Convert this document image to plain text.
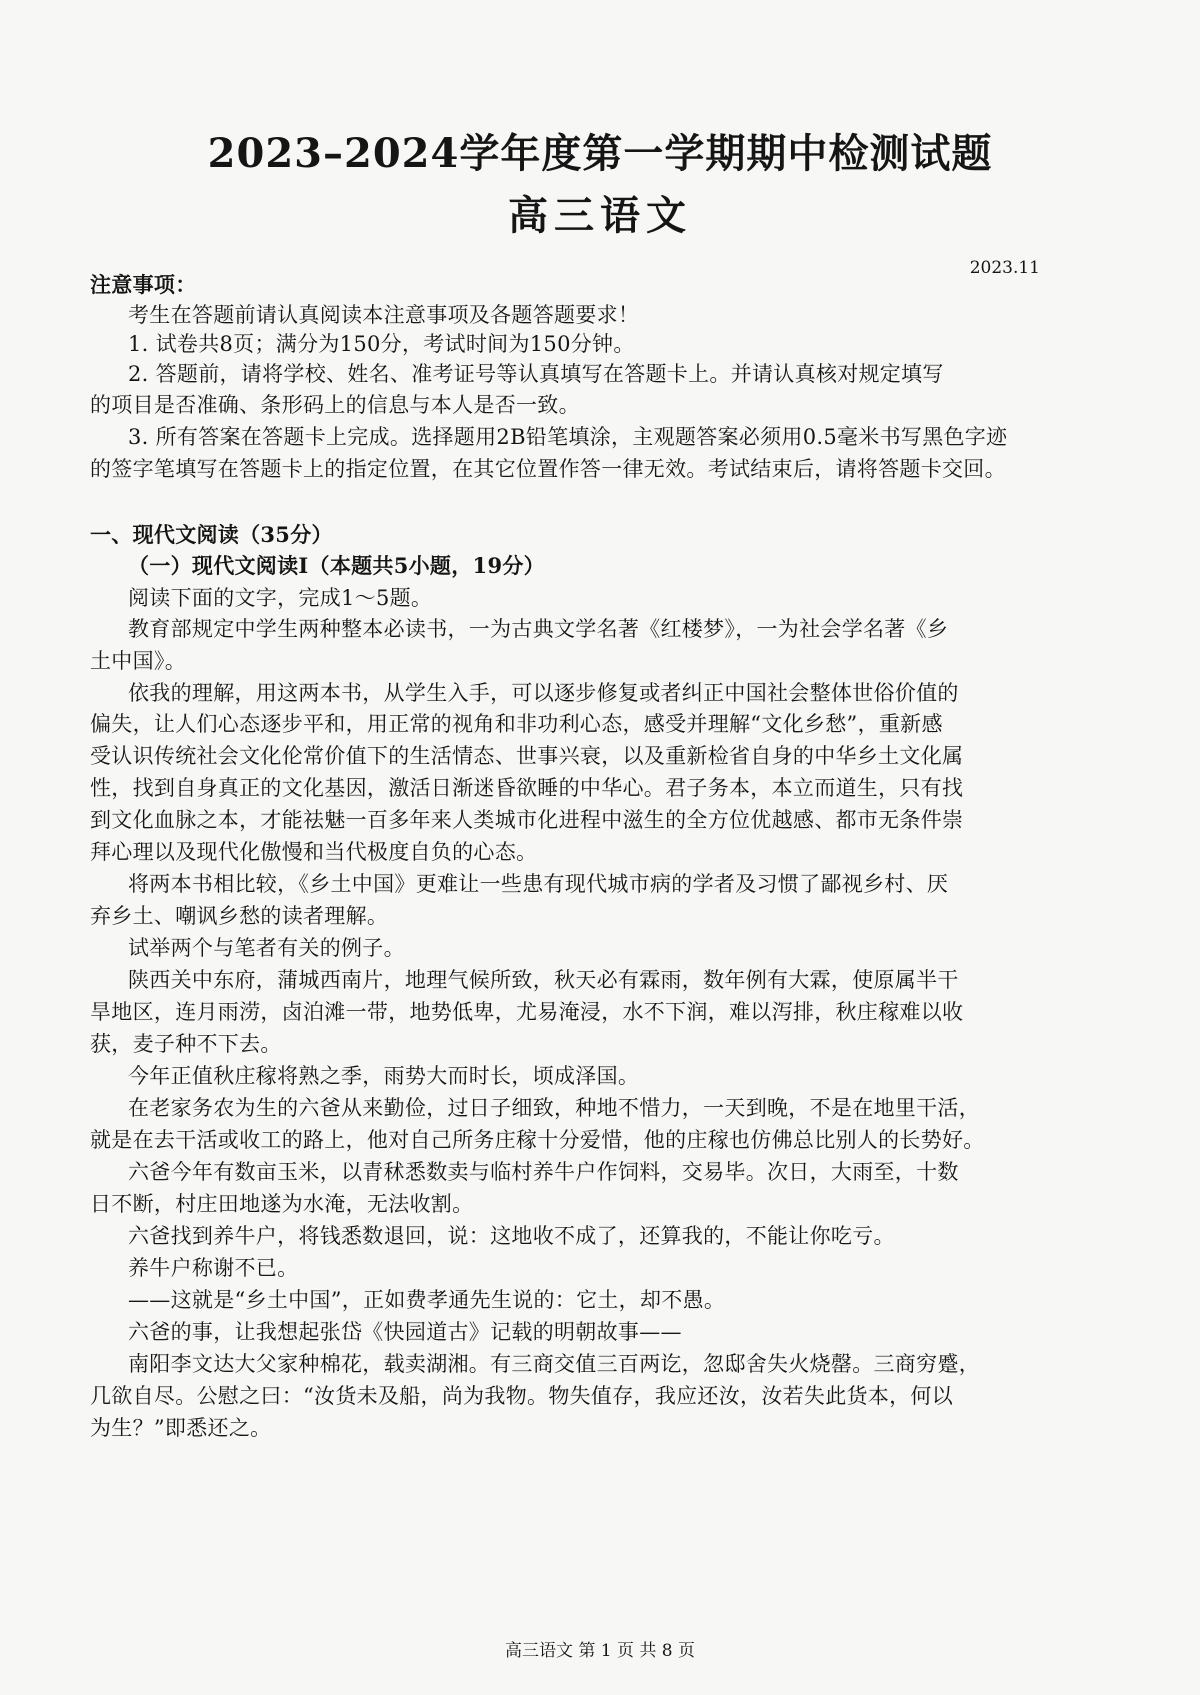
2023–2024学年度第一学期期中检测试题
高三语文
2023.11
注意事项：
考生在答题前请认真阅读本注意事项及各题答题要求！
1. 试卷共8页；满分为150分，考试时间为150分钟。
2. 答题前，请将学校、姓名、准考证号等认真填写在答题卡上。并请认真核对规定填写
的项目是否准确、条形码上的信息与本人是否一致。
3. 所有答案在答题卡上完成。选择题用2B铅笔填涂，主观题答案必须用0.5毫米书写黑色字迹
的签字笔填写在答题卡上的指定位置，在其它位置作答一律无效。考试结束后，请将答题卡交回。
一、现代文阅读（35分）
（一）现代文阅读Ⅰ（本题共5小题，19分）
阅读下面的文字，完成1～5题。
教育部规定中学生两种整本必读书，一为古典文学名著《红楼梦》，一为社会学名著《乡
土中国》。
依我的理解，用这两本书，从学生入手，可以逐步修复或者纠正中国社会整体世俗价值的
偏失，让人们心态逐步平和，用正常的视角和非功利心态，感受并理解“文化乡愁”，重新感
受认识传统社会文化伦常价值下的生活情态、世事兴衰，以及重新检省自身的中华乡土文化属
性，找到自身真正的文化基因，激活日渐迷昏欲睡的中华心。君子务本，本立而道生，只有找
到文化血脉之本，才能祛魅一百多年来人类城市化进程中滋生的全方位优越感、都市无条件崇
拜心理以及现代化傲慢和当代极度自负的心态。
将两本书相比较，《乡土中国》更难让一些患有现代城市病的学者及习惯了鄙视乡村、厌
弃乡土、嘲讽乡愁的读者理解。
试举两个与笔者有关的例子。
陕西关中东府，蒲城西南片，地理气候所致，秋天必有霖雨，数年例有大霖，使原属半干
旱地区，连月雨涝，卤泊滩一带，地势低卑，尤易淹浸，水不下润，难以泻排，秋庄稼难以收
获，麦子种不下去。
今年正值秋庄稼将熟之季，雨势大而时长，顷成泽国。
在老家务农为生的六爸从来勤俭，过日子细致，种地不惜力，一天到晚，不是在地里干活，
就是在去干活或收工的路上，他对自己所务庄稼十分爱惜，他的庄稼也仿佛总比别人的长势好。
六爸今年有数亩玉米，以青秫悉数卖与临村养牛户作饲料，交易毕。次日，大雨至，十数
日不断，村庄田地遂为水淹，无法收割。
六爸找到养牛户，将钱悉数退回，说：这地收不成了，还算我的，不能让你吃亏。
养牛户称谢不已。
——这就是“乡土中国”，正如费孝通先生说的：它土，却不愚。
六爸的事，让我想起张岱《快园道古》记载的明朝故事——
南阳李文达大父家种棉花，载卖湖湘。有三商交值三百两讫，忽邸舍失火烧罄。三商穷蹙，
几欲自尽。公慰之曰：“汝货未及船，尚为我物。物失值存，我应还汝，汝若失此货本，何以
为生？”即悉还之。
高三语文 第 1 页 共 8 页
